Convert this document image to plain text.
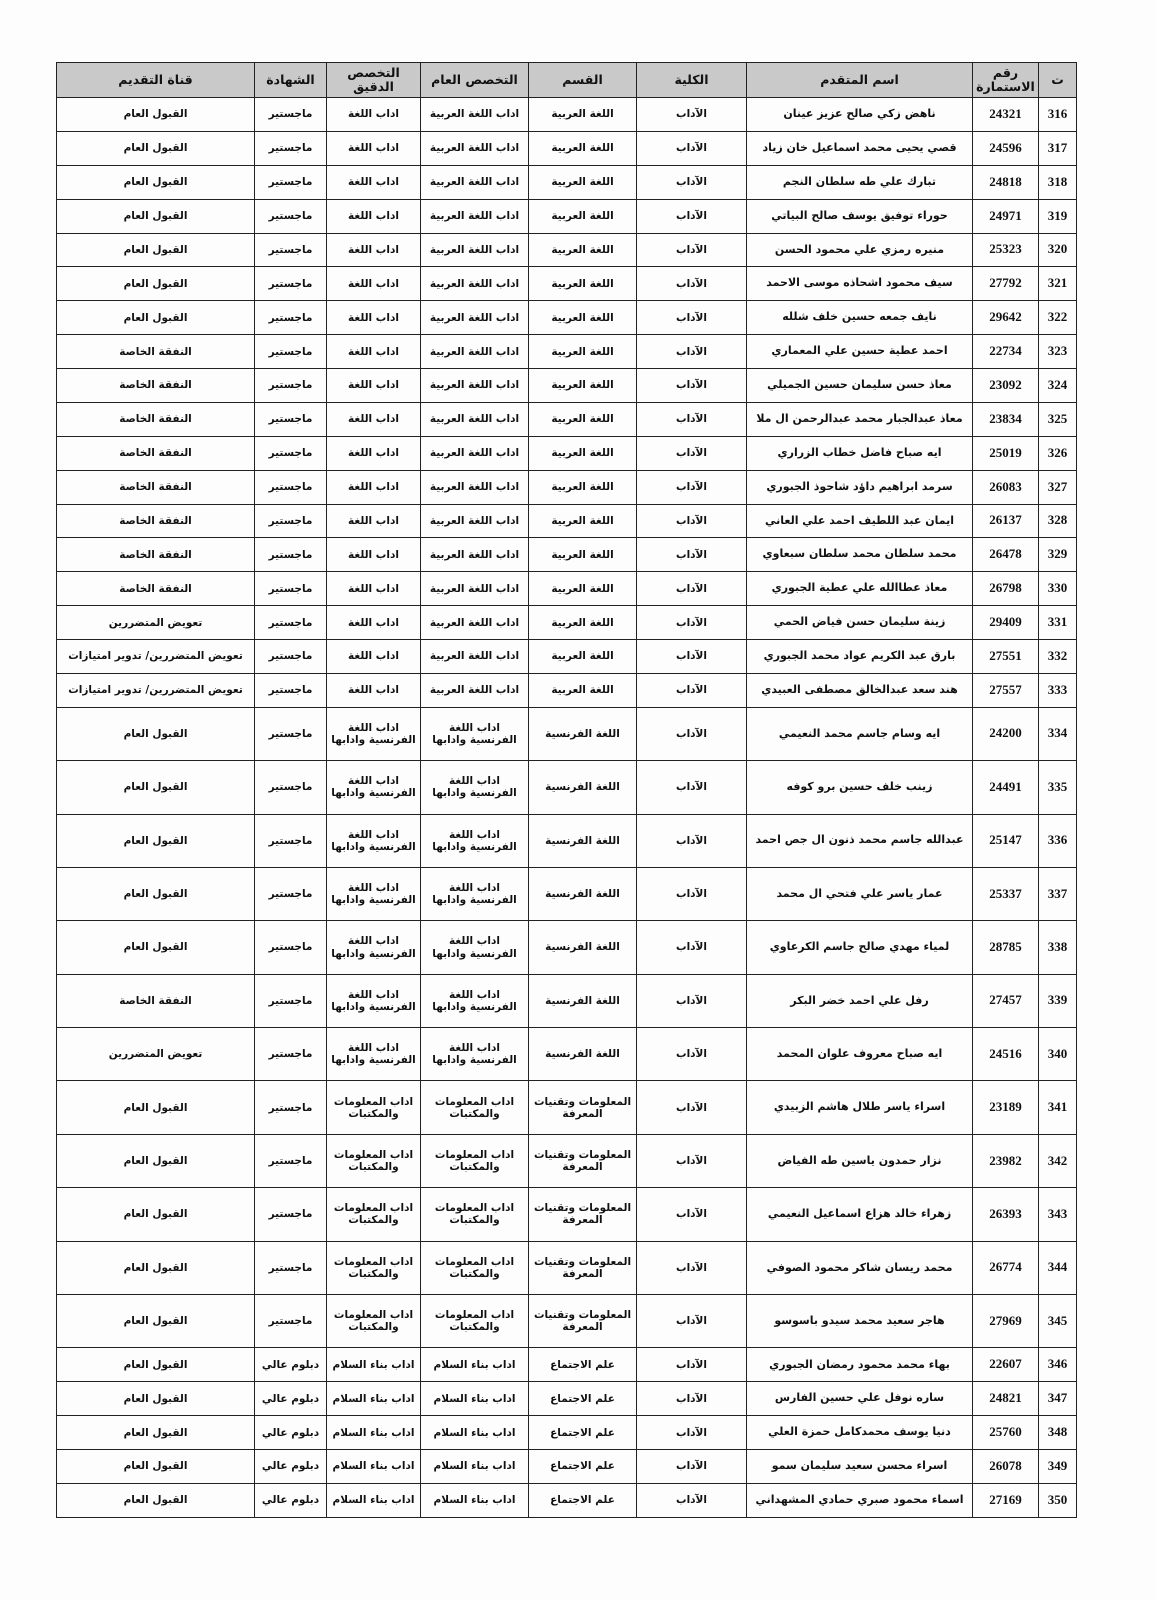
ت	رقم الاستمارة	اسم المتقدم	الكلية	القسم	التخصص العام	التخصص الدقيق	الشهادة	قناة التقديم
316	24321	ناهض زكي صالح عزيز عينان	الآداب	اللغة العربية	اداب اللغة العربية	اداب اللغة	ماجستير	القبول العام
317	24596	قصي يحيى محمد اسماعيل خان زياد	الآداب	اللغة العربية	اداب اللغة العربية	اداب اللغة	ماجستير	القبول العام
318	24818	تبارك علي طه سلطان النجم	الآداب	اللغة العربية	اداب اللغة العربية	اداب اللغة	ماجستير	القبول العام
319	24971	حوراء توفيق يوسف صالح البياتي	الآداب	اللغة العربية	اداب اللغة العربية	اداب اللغة	ماجستير	القبول العام
320	25323	منيره رمزي علي محمود الحسن	الآداب	اللغة العربية	اداب اللغة العربية	اداب اللغة	ماجستير	القبول العام
321	27792	سيف محمود اشحاذه موسى الاحمد	الآداب	اللغة العربية	اداب اللغة العربية	اداب اللغة	ماجستير	القبول العام
322	29642	نايف جمعه حسين خلف شلله	الآداب	اللغة العربية	اداب اللغة العربية	اداب اللغة	ماجستير	القبول العام
323	22734	احمد عطية حسين علي المعماري	الآداب	اللغة العربية	اداب اللغة العربية	اداب اللغة	ماجستير	النفقة الخاصة
324	23092	معاذ حسن سليمان حسين الجميلي	الآداب	اللغة العربية	اداب اللغة العربية	اداب اللغة	ماجستير	النفقة الخاصة
325	23834	معاذ عبدالجبار محمد عبدالرحمن ال ملا	الآداب	اللغة العربية	اداب اللغة العربية	اداب اللغة	ماجستير	النفقة الخاصة
326	25019	ايه صباح فاضل خطاب الزراري	الآداب	اللغة العربية	اداب اللغة العربية	اداب اللغة	ماجستير	النفقة الخاصة
327	26083	سرمد ابراهيم داؤد شاحوذ الجبوري	الآداب	اللغة العربية	اداب اللغة العربية	اداب اللغة	ماجستير	النفقة الخاصة
328	26137	ايمان عبد اللطيف احمد علي العاني	الآداب	اللغة العربية	اداب اللغة العربية	اداب اللغة	ماجستير	النفقة الخاصة
329	26478	محمد سلطان محمد سلطان سبعاوي	الآداب	اللغة العربية	اداب اللغة العربية	اداب اللغة	ماجستير	النفقة الخاصة
330	26798	معاذ عطاالله علي عطية الجبوري	الآداب	اللغة العربية	اداب اللغة العربية	اداب اللغة	ماجستير	النفقة الخاصة
331	29409	زينة سليمان حسن فياض الحمي	الآداب	اللغة العربية	اداب اللغة العربية	اداب اللغة	ماجستير	تعويض المتضررين
332	27551	بارق عبد الكريم عواد محمد الجبوري	الآداب	اللغة العربية	اداب اللغة العربية	اداب اللغة	ماجستير	تعويض المتضررين/ تدوير امتيازات
333	27557	هند سعد عبدالخالق مصطفى العبيدي	الآداب	اللغة العربية	اداب اللغة العربية	اداب اللغة	ماجستير	تعويض المتضررين/ تدوير امتيازات
334	24200	ايه وسام جاسم محمد النعيمي	الآداب	اللغة الفرنسية	اداب اللغة الفرنسية وادابها	اداب اللغة الفرنسية وادابها	ماجستير	القبول العام
335	24491	زينب خلف حسين برو كوفه	الآداب	اللغة الفرنسية	اداب اللغة الفرنسية وادابها	اداب اللغة الفرنسية وادابها	ماجستير	القبول العام
336	25147	عبدالله جاسم محمد ذنون ال جص احمد	الآداب	اللغة الفرنسية	اداب اللغة الفرنسية وادابها	اداب اللغة الفرنسية وادابها	ماجستير	القبول العام
337	25337	عمار ياسر علي فتحي ال محمد	الآداب	اللغة الفرنسية	اداب اللغة الفرنسية وادابها	اداب اللغة الفرنسية وادابها	ماجستير	القبول العام
338	28785	لمياء مهدي صالح جاسم الكرعاوي	الآداب	اللغة الفرنسية	اداب اللغة الفرنسية وادابها	اداب اللغة الفرنسية وادابها	ماجستير	القبول العام
339	27457	رفل علي احمد خضر البكر	الآداب	اللغة الفرنسية	اداب اللغة الفرنسية وادابها	اداب اللغة الفرنسية وادابها	ماجستير	النفقة الخاصة
340	24516	ايه صباح معروف علوان المحمد	الآداب	اللغة الفرنسية	اداب اللغة الفرنسية وادابها	اداب اللغة الفرنسية وادابها	ماجستير	تعويض المتضررين
341	23189	اسراء ياسر طلال هاشم الزبيدي	الآداب	المعلومات وتقنيات المعرفة	اداب المعلومات والمكتبات	اداب المعلومات والمكتبات	ماجستير	القبول العام
342	23982	نزار حمدون ياسين طه الفياض	الآداب	المعلومات وتقنيات المعرفة	اداب المعلومات والمكتبات	اداب المعلومات والمكتبات	ماجستير	القبول العام
343	26393	زهراء خالد هزاع اسماعيل النعيمي	الآداب	المعلومات وتقنيات المعرفة	اداب المعلومات والمكتبات	اداب المعلومات والمكتبات	ماجستير	القبول العام
344	26774	محمد ريسان شاكر محمود الصوفي	الآداب	المعلومات وتقنيات المعرفة	اداب المعلومات والمكتبات	اداب المعلومات والمكتبات	ماجستير	القبول العام
345	27969	هاجر سعيد محمد سيدو باسوسو	الآداب	المعلومات وتقنيات المعرفة	اداب المعلومات والمكتبات	اداب المعلومات والمكتبات	ماجستير	القبول العام
346	22607	بهاء محمد محمود رمضان الجبوري	الآداب	علم الاجتماع	اداب بناء السلام	اداب بناء السلام	دبلوم عالي	القبول العام
347	24821	ساره نوفل علي حسين الفارس	الآداب	علم الاجتماع	اداب بناء السلام	اداب بناء السلام	دبلوم عالي	القبول العام
348	25760	دنيا يوسف محمدكامل حمزة العلي	الآداب	علم الاجتماع	اداب بناء السلام	اداب بناء السلام	دبلوم عالي	القبول العام
349	26078	اسراء محسن سعيد سليمان سمو	الآداب	علم الاجتماع	اداب بناء السلام	اداب بناء السلام	دبلوم عالي	القبول العام
350	27169	اسماء محمود صبري حمادي المشهداني	الآداب	علم الاجتماع	اداب بناء السلام	اداب بناء السلام	دبلوم عالي	القبول العام
